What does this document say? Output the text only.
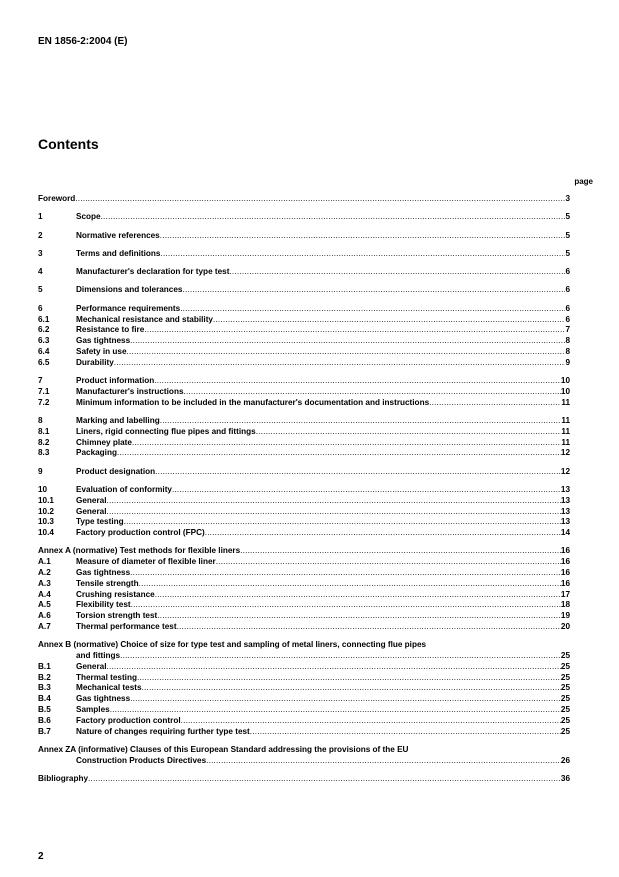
EN 1856-2:2004 (E)
Contents
page
Foreword .....	3
1	Scope .....	5
2	Normative references .....	5
3	Terms and definitions .....	5
4	Manufacturer's declaration for type test .....	6
5	Dimensions and tolerances .....	6
6	Performance requirements .....	6
6.1	Mechanical resistance and stability .....	6
6.2	Resistance to fire .....	7
6.3	Gas tightness .....	8
6.4	Safety in use .....	8
6.5	Durability .....	9
7	Product information .....	10
7.1	Manufacturer's instructions .....	10
7.2	Minimum information to be included in the manufacturer's documentation and instructions .....	11
8	Marking and labelling .....	11
8.1	Liners, rigid connecting flue pipes and fittings .....	11
8.2	Chimney plate .....	11
8.3	Packaging .....	12
9	Product designation .....	12
10	Evaluation of conformity .....	13
10.1	General .....	13
10.2	General .....	13
10.3	Type testing .....	13
10.4	Factory production control (FPC) .....	14
Annex A (normative) Test methods for flexible liners .....	16
A.1	Measure of diameter of flexible liner .....	16
A.2	Gas tightness .....	16
A.3	Tensile strength .....	16
A.4	Crushing resistance .....	17
A.5	Flexibility test .....	18
A.6	Torsion strength test .....	19
A.7	Thermal performance test .....	20
Annex B (normative) Choice of size for type test and sampling of metal liners, connecting flue pipes
and fittings .....	25
B.1	General .....	25
B.2	Thermal testing .....	25
B.3	Mechanical tests .....	25
B.4	Gas tightness .....	25
B.5	Samples .....	25
B.6	Factory production control .....	25
B.7	Nature of changes requiring further type test .....	25
Annex ZA (informative) Clauses of this European Standard addressing the provisions of the EU
Construction Products Directives .....	26
Bibliography .....	36
2
